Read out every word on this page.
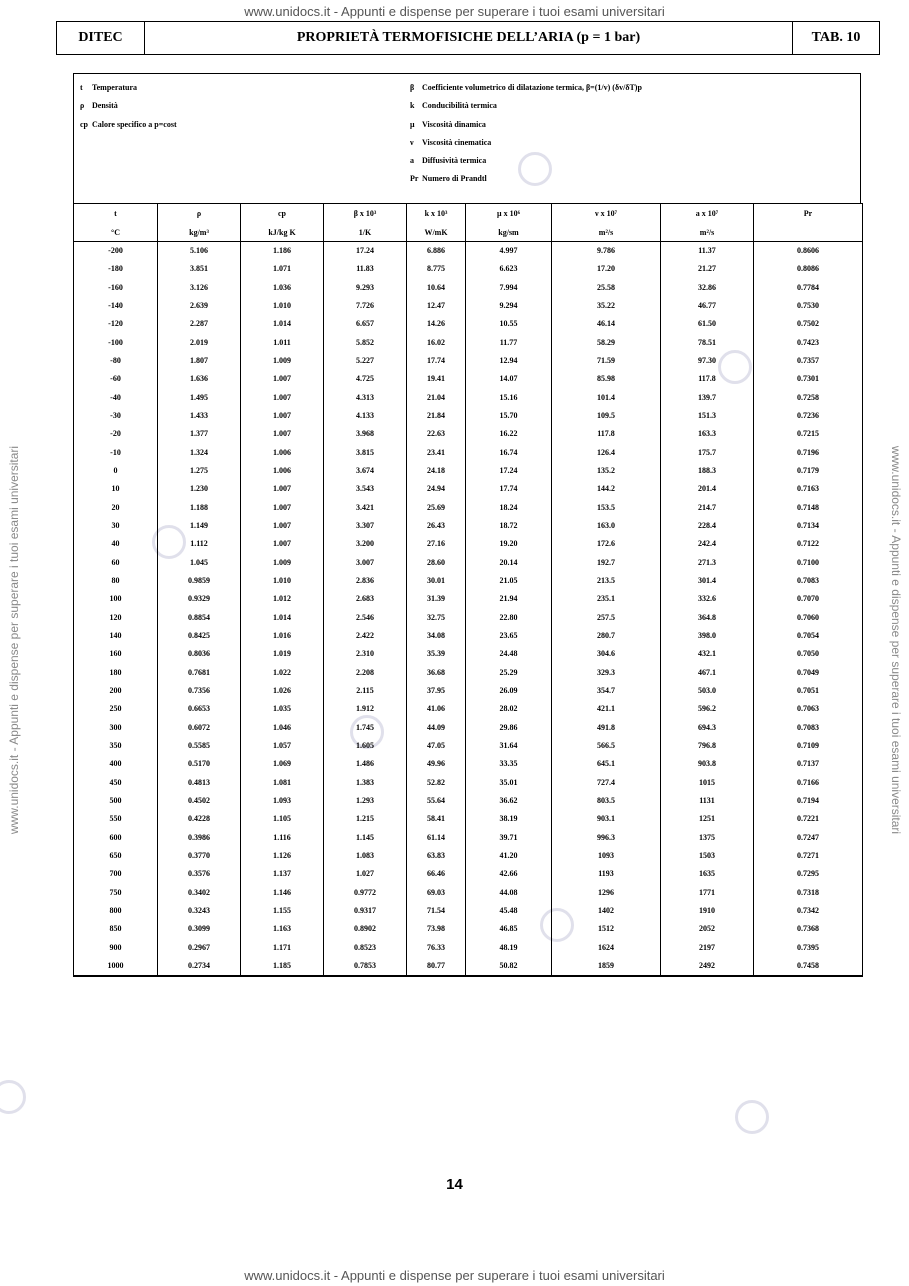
www.unidocs.it - Appunti e dispense per superare i tuoi esami universitari
www.unidocs.it - Appunti e dispense per superare i tuoi esami universitari	www.unidocs.it - Appunti e dispense per superare i tuoi esami universitari
DITEC	PROPRIETÀ TERMOFISICHE DELL’ARIA (p = 1 bar)	TAB. 10
t Temperatura
ρ Densità
cp Calore specifico a p=cost
β Coefficiente volumetrico di dilatazione termica, β=(1/v) (δv/δT)p
k Conducibilità termica
μ Viscosità dinamica
ν Viscosità cinematica
a Diffusività termica
Pr Numero di Prandtl
t	ρ	cp	β x 10³	k x 10³	μ x 10⁶	ν x 10⁷	a x 10⁷	Pr
°C	kg/m³	kJ/kg K	1/K	W/mK	kg/sm	m²/s	m²/s	
-200	5.106	1.186	17.24	6.886	4.997	9.786	11.37	0.8606
-180	3.851	1.071	11.83	8.775	6.623	17.20	21.27	0.8086
-160	3.126	1.036	9.293	10.64	7.994	25.58	32.86	0.7784
-140	2.639	1.010	7.726	12.47	9.294	35.22	46.77	0.7530
-120	2.287	1.014	6.657	14.26	10.55	46.14	61.50	0.7502
-100	2.019	1.011	5.852	16.02	11.77	58.29	78.51	0.7423
-80	1.807	1.009	5.227	17.74	12.94	71.59	97.30	0.7357
-60	1.636	1.007	4.725	19.41	14.07	85.98	117.8	0.7301
-40	1.495	1.007	4.313	21.04	15.16	101.4	139.7	0.7258
-30	1.433	1.007	4.133	21.84	15.70	109.5	151.3	0.7236
-20	1.377	1.007	3.968	22.63	16.22	117.8	163.3	0.7215
-10	1.324	1.006	3.815	23.41	16.74	126.4	175.7	0.7196
0	1.275	1.006	3.674	24.18	17.24	135.2	188.3	0.7179
10	1.230	1.007	3.543	24.94	17.74	144.2	201.4	0.7163
20	1.188	1.007	3.421	25.69	18.24	153.5	214.7	0.7148
30	1.149	1.007	3.307	26.43	18.72	163.0	228.4	0.7134
40	1.112	1.007	3.200	27.16	19.20	172.6	242.4	0.7122
60	1.045	1.009	3.007	28.60	20.14	192.7	271.3	0.7100
80	0.9859	1.010	2.836	30.01	21.05	213.5	301.4	0.7083
100	0.9329	1.012	2.683	31.39	21.94	235.1	332.6	0.7070
120	0.8854	1.014	2.546	32.75	22.80	257.5	364.8	0.7060
140	0.8425	1.016	2.422	34.08	23.65	280.7	398.0	0.7054
160	0.8036	1.019	2.310	35.39	24.48	304.6	432.1	0.7050
180	0.7681	1.022	2.208	36.68	25.29	329.3	467.1	0.7049
200	0.7356	1.026	2.115	37.95	26.09	354.7	503.0	0.7051
250	0.6653	1.035	1.912	41.06	28.02	421.1	596.2	0.7063
300	0.6072	1.046	1.745	44.09	29.86	491.8	694.3	0.7083
350	0.5585	1.057	1.605	47.05	31.64	566.5	796.8	0.7109
400	0.5170	1.069	1.486	49.96	33.35	645.1	903.8	0.7137
450	0.4813	1.081	1.383	52.82	35.01	727.4	1015	0.7166
500	0.4502	1.093	1.293	55.64	36.62	803.5	1131	0.7194
550	0.4228	1.105	1.215	58.41	38.19	903.1	1251	0.7221
600	0.3986	1.116	1.145	61.14	39.71	996.3	1375	0.7247
650	0.3770	1.126	1.083	63.83	41.20	1093	1503	0.7271
700	0.3576	1.137	1.027	66.46	42.66	1193	1635	0.7295
750	0.3402	1.146	0.9772	69.03	44.08	1296	1771	0.7318
800	0.3243	1.155	0.9317	71.54	45.48	1402	1910	0.7342
850	0.3099	1.163	0.8902	73.98	46.85	1512	2052	0.7368
900	0.2967	1.171	0.8523	76.33	48.19	1624	2197	0.7395
1000	0.2734	1.185	0.7853	80.77	50.82	1859	2492	0.7458
14
www.unidocs.it - Appunti e dispense per superare i tuoi esami universitari
